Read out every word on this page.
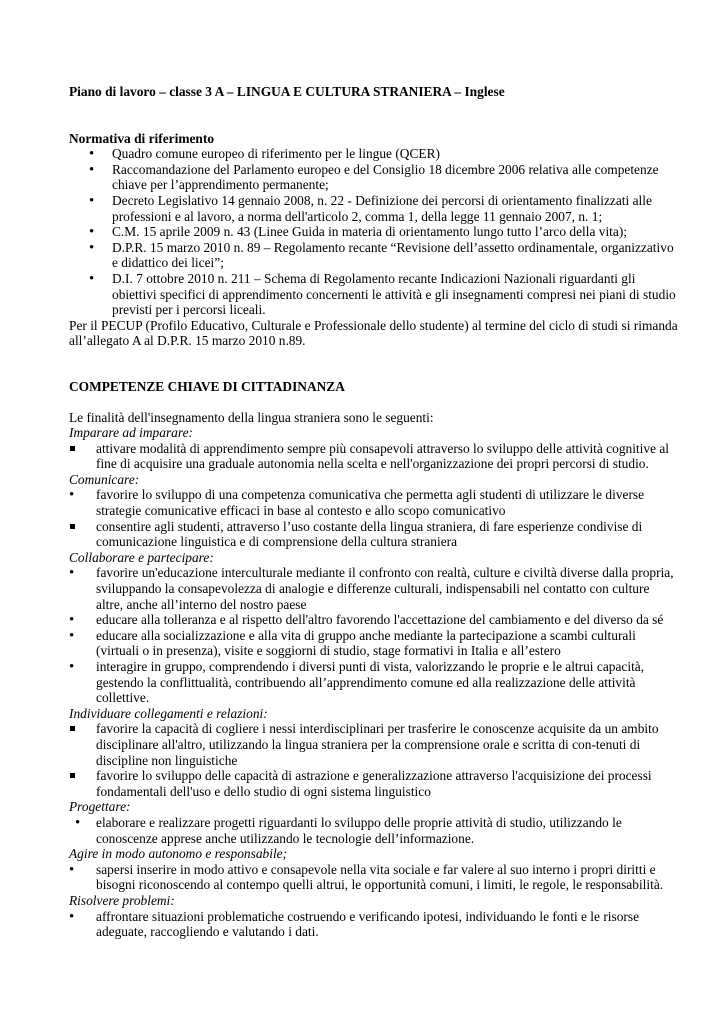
Piano di lavoro – classe 3 A – LINGUA E CULTURA STRANIERA – Inglese

Normativa di riferimento

•
Quadro comune europeo di riferimento per le lingue (QCER)
•
Raccomandazione del Parlamento europeo e del Consiglio 18 dicembre 2006 relativa alle competenze chiave per l’apprendimento permanente;
•
Decreto Legislativo 14 gennaio 2008, n. 22 - Definizione dei percorsi di orientamento finalizzati alle professioni e al lavoro, a norma dell'articolo 2, comma 1, della legge 11 gennaio 2007, n. 1;
•
C.M. 15 aprile 2009 n. 43 (Linee Guida in materia di orientamento lungo tutto l’arco della vita);
•
D.P.R. 15 marzo 2010 n. 89 – Regolamento recante “Revisione dell’assetto ordinamentale, organizzativo e didattico dei licei”;
•
D.I. 7 ottobre 2010 n. 211 – Schema di Regolamento recante Indicazioni Nazionali riguardanti gli obiettivi specifici di apprendimento concernenti le attività e gli insegnamenti compresi nei piani di studio previsti per i percorsi liceali.

Per il PECUP (Profilo Educativo, Culturale e Professionale dello studente) al termine del ciclo di studi si rimanda all’allegato A al D.P.R. 15 marzo 2010 n.89.

COMPETENZE CHIAVE DI CITTADINANZA

Le finalità dell'insegnamento della lingua straniera sono le seguenti:

Imparare ad imparare:

attivare modalità di apprendimento sempre più consapevoli attraverso lo sviluppo delle attività cognitive al fine di acquisire una graduale autonomia nella scelta e nell'organizzazione dei propri percorsi di studio.

Comunicare:

•
favorire lo sviluppo di una competenza comunicativa che permetta agli studenti di utilizzare le diverse strategie comunicative efficaci in base al contesto e allo scopo comunicativo
consentire agli studenti, attraverso l’uso costante della lingua straniera, di fare esperienze condivise di comunicazione linguistica e di comprensione della cultura straniera

Collaborare e partecipare:

•
favorire un'educazione interculturale mediante il confronto con realtà, culture e civiltà diverse dalla propria, sviluppando la consapevolezza di analogie e differenze culturali, indispensabili nel contatto con culture altre, anche all’interno del nostro paese
•
educare alla tolleranza e al rispetto dell'altro favorendo l'accettazione del cambiamento e del diverso da sé
•
educare alla socializzazione e alla vita di gruppo anche mediante la partecipazione a scambi culturali (virtuali o in presenza), visite e soggiorni di studio, stage formativi in Italia e all’estero
•
interagire in gruppo, comprendendo i diversi punti di vista, valorizzando le proprie e le altrui capacità, gestendo la conflittualità, contribuendo all’apprendimento comune ed alla realizzazione delle attività collettive.

Individuare collegamenti e relazioni:

favorire la capacità di cogliere i nessi interdisciplinari per trasferire le conoscenze acquisite da un ambito disciplinare all'altro, utilizzando la lingua straniera per la comprensione orale e scritta di con-tenuti di discipline non linguistiche
favorire lo sviluppo delle capacità di astrazione e generalizzazione attraverso l'acquisizione dei processi fondamentali dell'uso e dello studio di ogni sistema linguistico

Progettare:

•
elaborare e realizzare progetti riguardanti lo sviluppo delle proprie attività di studio, utilizzando le conoscenze apprese anche utilizzando le tecnologie dell’informazione.

Agire in modo autonomo e responsabile;

•
sapersi inserire in modo attivo e consapevole nella vita sociale e far valere al suo interno i propri diritti e bisogni riconoscendo al contempo quelli altrui, le opportunità comuni, i limiti, le regole, le responsabilità.

Risolvere problemi:

•
affrontare situazioni problematiche costruendo e verificando ipotesi, individuando le fonti e le risorse adeguate, raccogliendo e valutando i dati.
